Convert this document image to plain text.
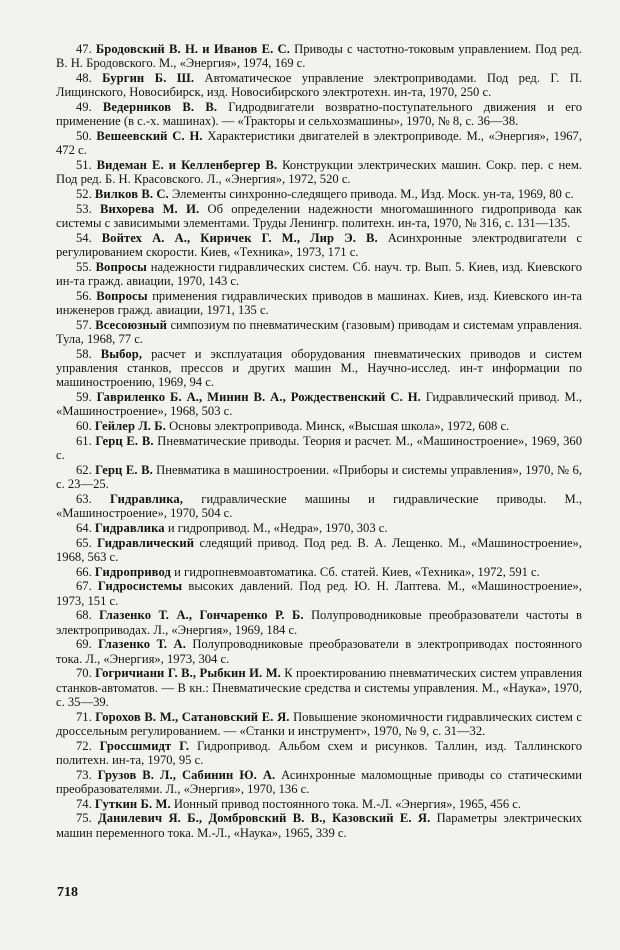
47. Бродовский В. Н. и Иванов Е. С. Приводы с частотно-токовым управлением. Под ред. В. Н. Бродовского. М., «Энергия», 1974, 169 с.

48. Бургин Б. Ш. Автоматическое управление электроприводами. Под ред. Г. П. Лищинского, Новосибирск, изд. Новосибирского электротехн. ин-та, 1970, 250 с.

49. Ведерников В. В. Гидродвигатели возвратно-поступательного движения и его применение (в с.-х. машинах). — «Тракторы и сельхозмашины», 1970, № 8, с. 36—38.

50. Вешеевский С. Н. Характеристики двигателей в электроприводе. М., «Энергия», 1967, 472 с.

51. Видеман Е. и Келленбергер В. Конструкции электрических машин. Сокр. пер. с нем. Под ред. Б. Н. Красовского. Л., «Энергия», 1972, 520 с.

52. Вилков В. С. Элементы синхронно-следящего привода. М., Изд. Моск. ун-та, 1969, 80 с.

53. Вихорева М. И. Об определении надежности многомашинного гидропривода как системы с зависимыми элементами. Труды Ленингр. политехн. ин-та, 1970, № 316, с. 131—135.

54. Войтех А. А., Киричек Г. М., Лир Э. В. Асинхронные электродвигатели с регулированием скорости. Киев, «Техника», 1973, 171 с.

55. Вопросы надежности гидравлических систем. Сб. науч. тр. Вып. 5. Киев, изд. Киевского ин-та гражд. авиации, 1970, 143 с.

56. Вопросы применения гидравлических приводов в машинах. Киев, изд. Киевского ин-та инженеров гражд. авиации, 1971, 135 с.

57. Всесоюзный симпозиум по пневматическим (газовым) приводам и системам управления. Тула, 1968, 77 с.

58. Выбор, расчет и эксплуатация оборудования пневматических приводов и систем управления станков, прессов и других машин М., Научно-исслед. ин-т информации по машиностроению, 1969, 94 с.

59. Гавриленко Б. А., Минин В. А., Рождественский С. Н. Гидравлический привод. М., «Машиностроение», 1968, 503 с.

60. Гейлер Л. Б. Основы электропривода. Минск, «Высшая школа», 1972, 608 с.

61. Герц Е. В. Пневматические приводы. Теория и расчет. М., «Машиностроение», 1969, 360 с.

62. Герц Е. В. Пневматика в машиностроении. «Приборы и системы управления», 1970, № 6, с. 23—25.

63. Гидравлика, гидравлические машины и гидравлические приводы. М., «Машиностроение», 1970, 504 с.

64. Гидравлика и гидропривод. М., «Недра», 1970, 303 с.

65. Гидравлический следящий привод. Под ред. В. А. Лещенко. М., «Машиностроение», 1968, 563 с.

66. Гидропривод и гидропневмоавтоматика. Сб. статей. Киев, «Техника», 1972, 591 с.

67. Гидросистемы высоких давлений. Под ред. Ю. Н. Лаптева. М., «Машиностроение», 1973, 151 с.

68. Глазенко Т. А., Гончаренко Р. Б. Полупроводниковые преобразователи частоты в электроприводах. Л., «Энергия», 1969, 184 с.

69. Глазенко Т. А. Полупроводниковые преобразователи в электроприводах постоянного тока. Л., «Энергия», 1973, 304 с.

70. Гогричиани Г. В., Рыбкин И. М. К проектированию пневматических систем управления станков-автоматов. — В кн.: Пневматические средства и системы управления. М., «Наука», 1970, с. 35—39.

71. Горохов В. М., Сатановский Е. Я. Повышение экономичности гидравлических систем с дроссельным регулированием. — «Станки и инструмент», 1970, № 9, с. 31—32.

72. Гроссшмидт Г. Гидропривод. Альбом схем и рисунков. Таллин, изд. Таллинского политехн. ин-та, 1970, 95 с.

73. Грузов В. Л., Сабинин Ю. А. Асинхронные маломощные приводы со статическими преобразователями. Л., «Энергия», 1970, 136 с.

74. Гуткин Б. М. Ионный привод постоянного тока. М.-Л. «Энергия», 1965, 456 с.

75. Данилевич Я. Б., Домбровский В. В., Казовский Е. Я. Параметры электрических машин переменного тока. М.-Л., «Наука», 1965, 339 с.

718
